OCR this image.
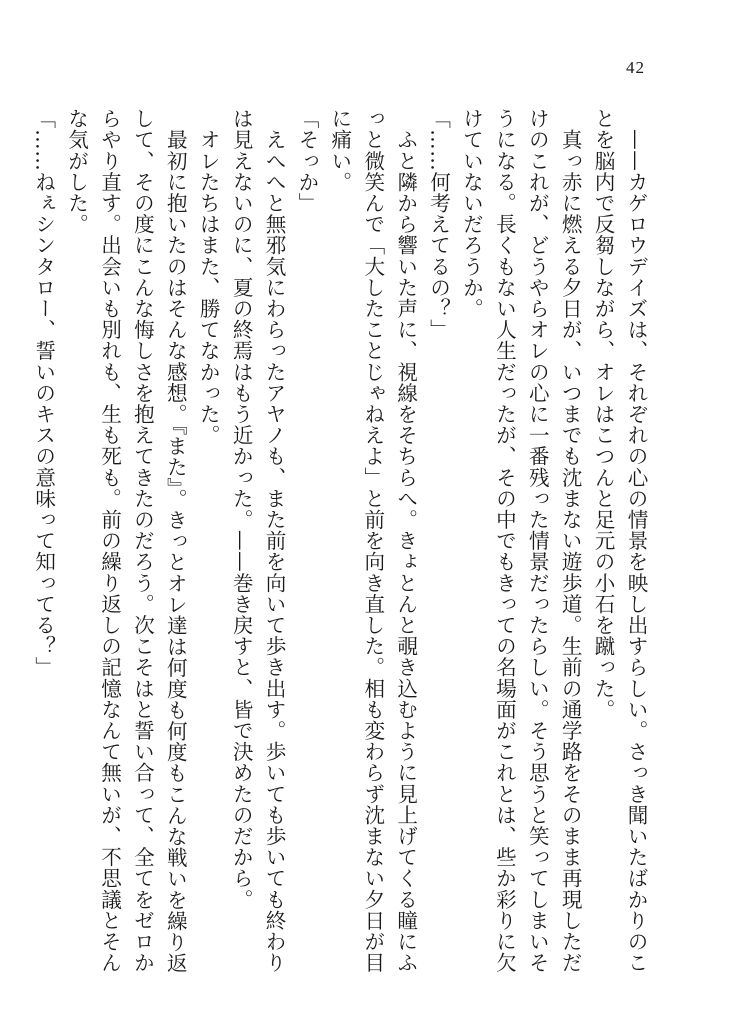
42

　——カゲロウデイズは、それぞれの心の情景を映し出すらしい。さっき聞いたばかりのことを脳内で反芻しながら、オレはこつんと足元の小石を蹴った。

　真っ赤に燃える夕日が、いつまでも沈まない遊歩道。生前の通学路をそのまま再現しただけのこれが、どうやらオレの心に一番残った情景だったらしい。そう思うと笑ってしまいそうになる。長くもない人生だったが、その中でもきっての名場面がこれとは、些か彩りに欠けていないだろうか。

「……何考えてるの？」

　ふと隣から響いた声に、視線をそちらへ。きょとんと覗き込むように見上げてくる瞳にふっと微笑んで「大したことじゃねえよ」と前を向き直した。相も変わらず沈まない夕日が目に痛い。

「そっか」

　えへへと無邪気にわらったアヤノも、また前を向いて歩き出す。歩いても歩いても終わりは見えないのに、夏の終焉はもう近かった。——巻き戻すと、皆で決めたのだから。

　オレたちはまた、勝てなかった。

　最初に抱いたのはそんな感想。『また』。きっとオレ達は何度も何度もこんな戦いを繰り返して、その度にこんな悔しさを抱えてきたのだろう。次こそはと誓い合って、全てをゼロからやり直す。出会いも別れも、生も死も。前の繰り返しの記憶なんて無いが、不思議とそんな気がした。

「……ねぇシンタロー、誓いのキスの意味って知ってる？」
